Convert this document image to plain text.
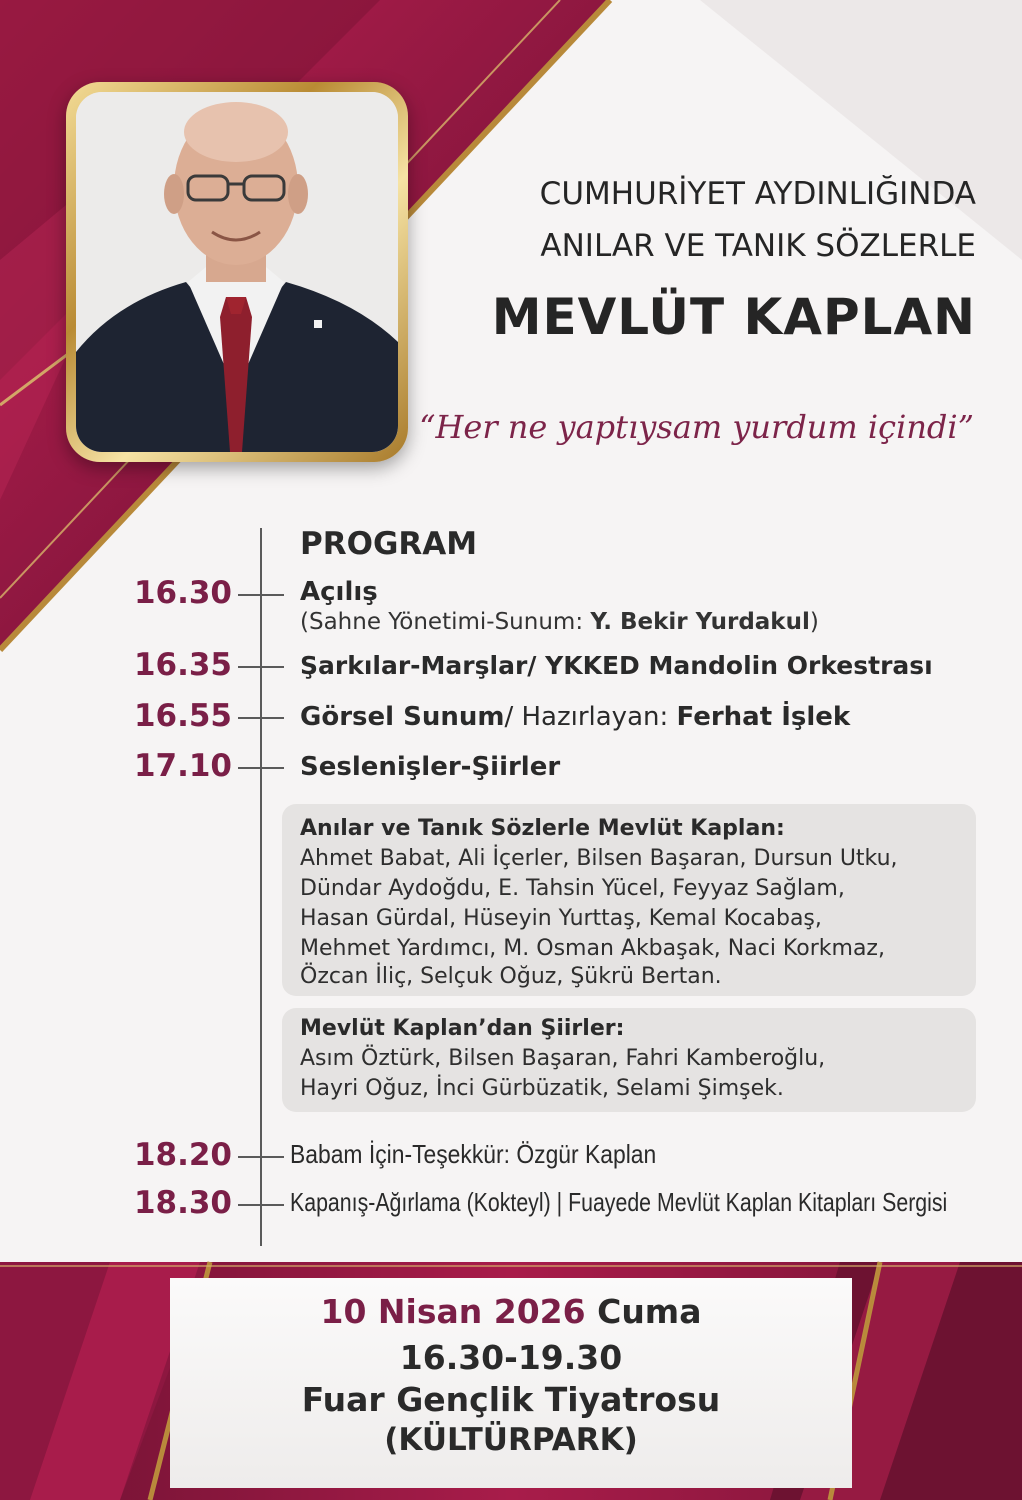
CUMHURİYET AYDINLIĞINDA
ANILAR VE TANIK SÖZLERLE
MEVLÜT KAPLAN
“Her ne yaptıysam yurdum içindi”
PROGRAM
16.30	Açılış
(Sahne Yönetimi-Sunum: Y. Bekir Yurdakul)
16.35	Şarkılar-Marşlar/ YKKED Mandolin Orkestrası
16.55	Görsel Sunum/ Hazırlayan: Ferhat İşlek
17.10	Seslenişler-Şiirler
Anılar ve Tanık Sözlerle Mevlüt Kaplan:
Ahmet Babat, Ali İçerler, Bilsen Başaran, Dursun Utku,
Dündar Aydoğdu, E. Tahsin Yücel, Feyyaz Sağlam,
Hasan Gürdal, Hüseyin Yurttaş, Kemal Kocabaş,
Mehmet Yardımcı, M. Osman Akbaşak, Naci Korkmaz,
Özcan İliç, Selçuk Oğuz, Şükrü Bertan.
Mevlüt Kaplan’dan Şiirler:
Asım Öztürk, Bilsen Başaran, Fahri Kamberoğlu,
Hayri Oğuz, İnci Gürbüzatik, Selami Şimşek.
18.20 Babam İçin-Teşekkür: Özgür Kaplan
18.30 Kapanış-Ağırlama (Kokteyl) | Fuayede Mevlüt Kaplan Kitapları Sergisi
10 Nisan 2026 Cuma
16.30-19.30
Fuar Gençlik Tiyatrosu
(KÜLTÜRPARK)
